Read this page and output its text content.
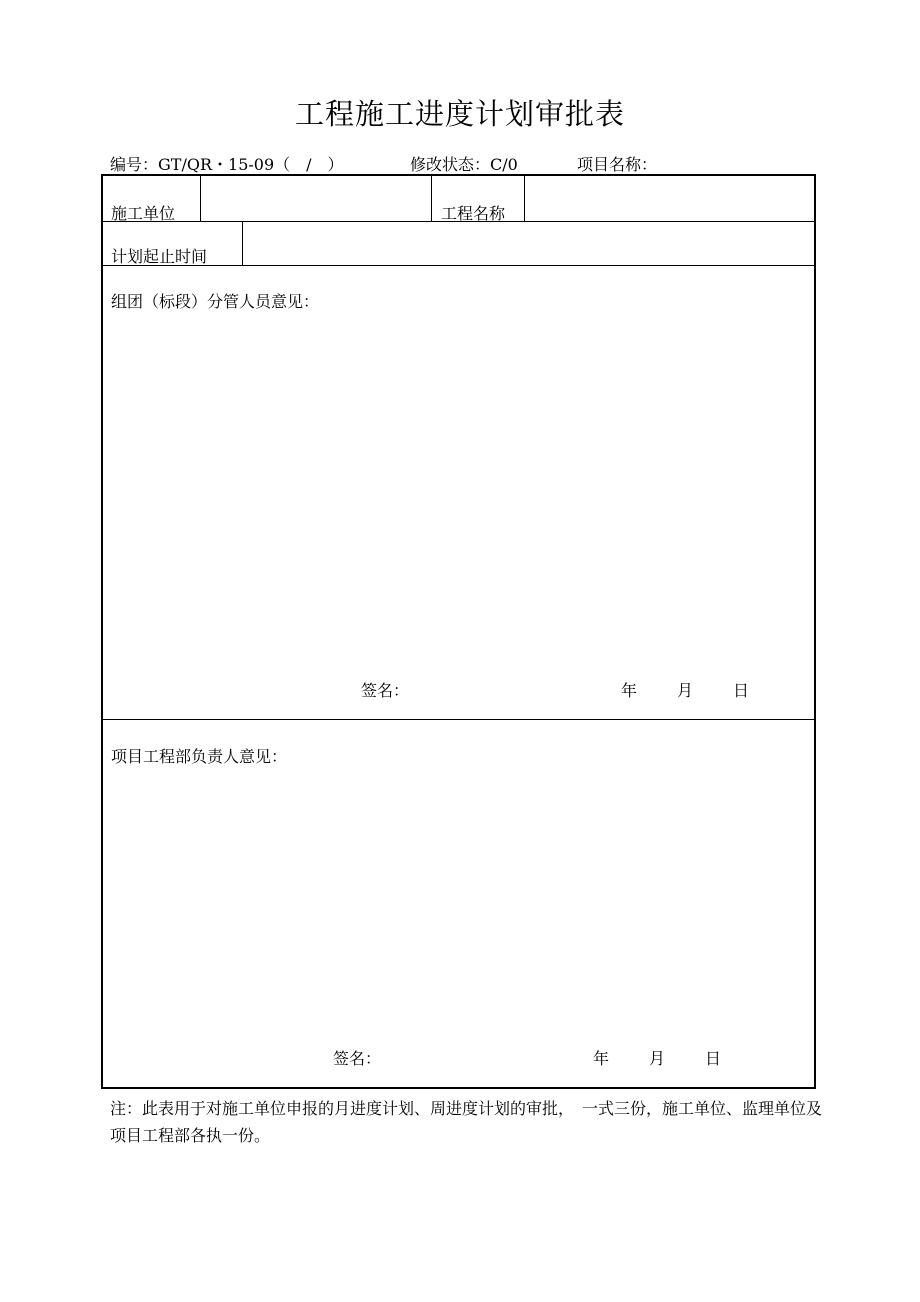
工程施工进度计划审批表
编号：GT/QR・15-09（　/　）	修改状态：C/0	项目名称：
施工单位	工程名称
计划起止时间
组团（标段）分管人员意见：
签名：	年 月 日
项目工程部负责人意见：
签名：	年 月 日
注：此表用于对施工单位申报的月进度计划、周进度计划的审批，　一式三份，施工单位、监理单位及项目工程部各执一份。
